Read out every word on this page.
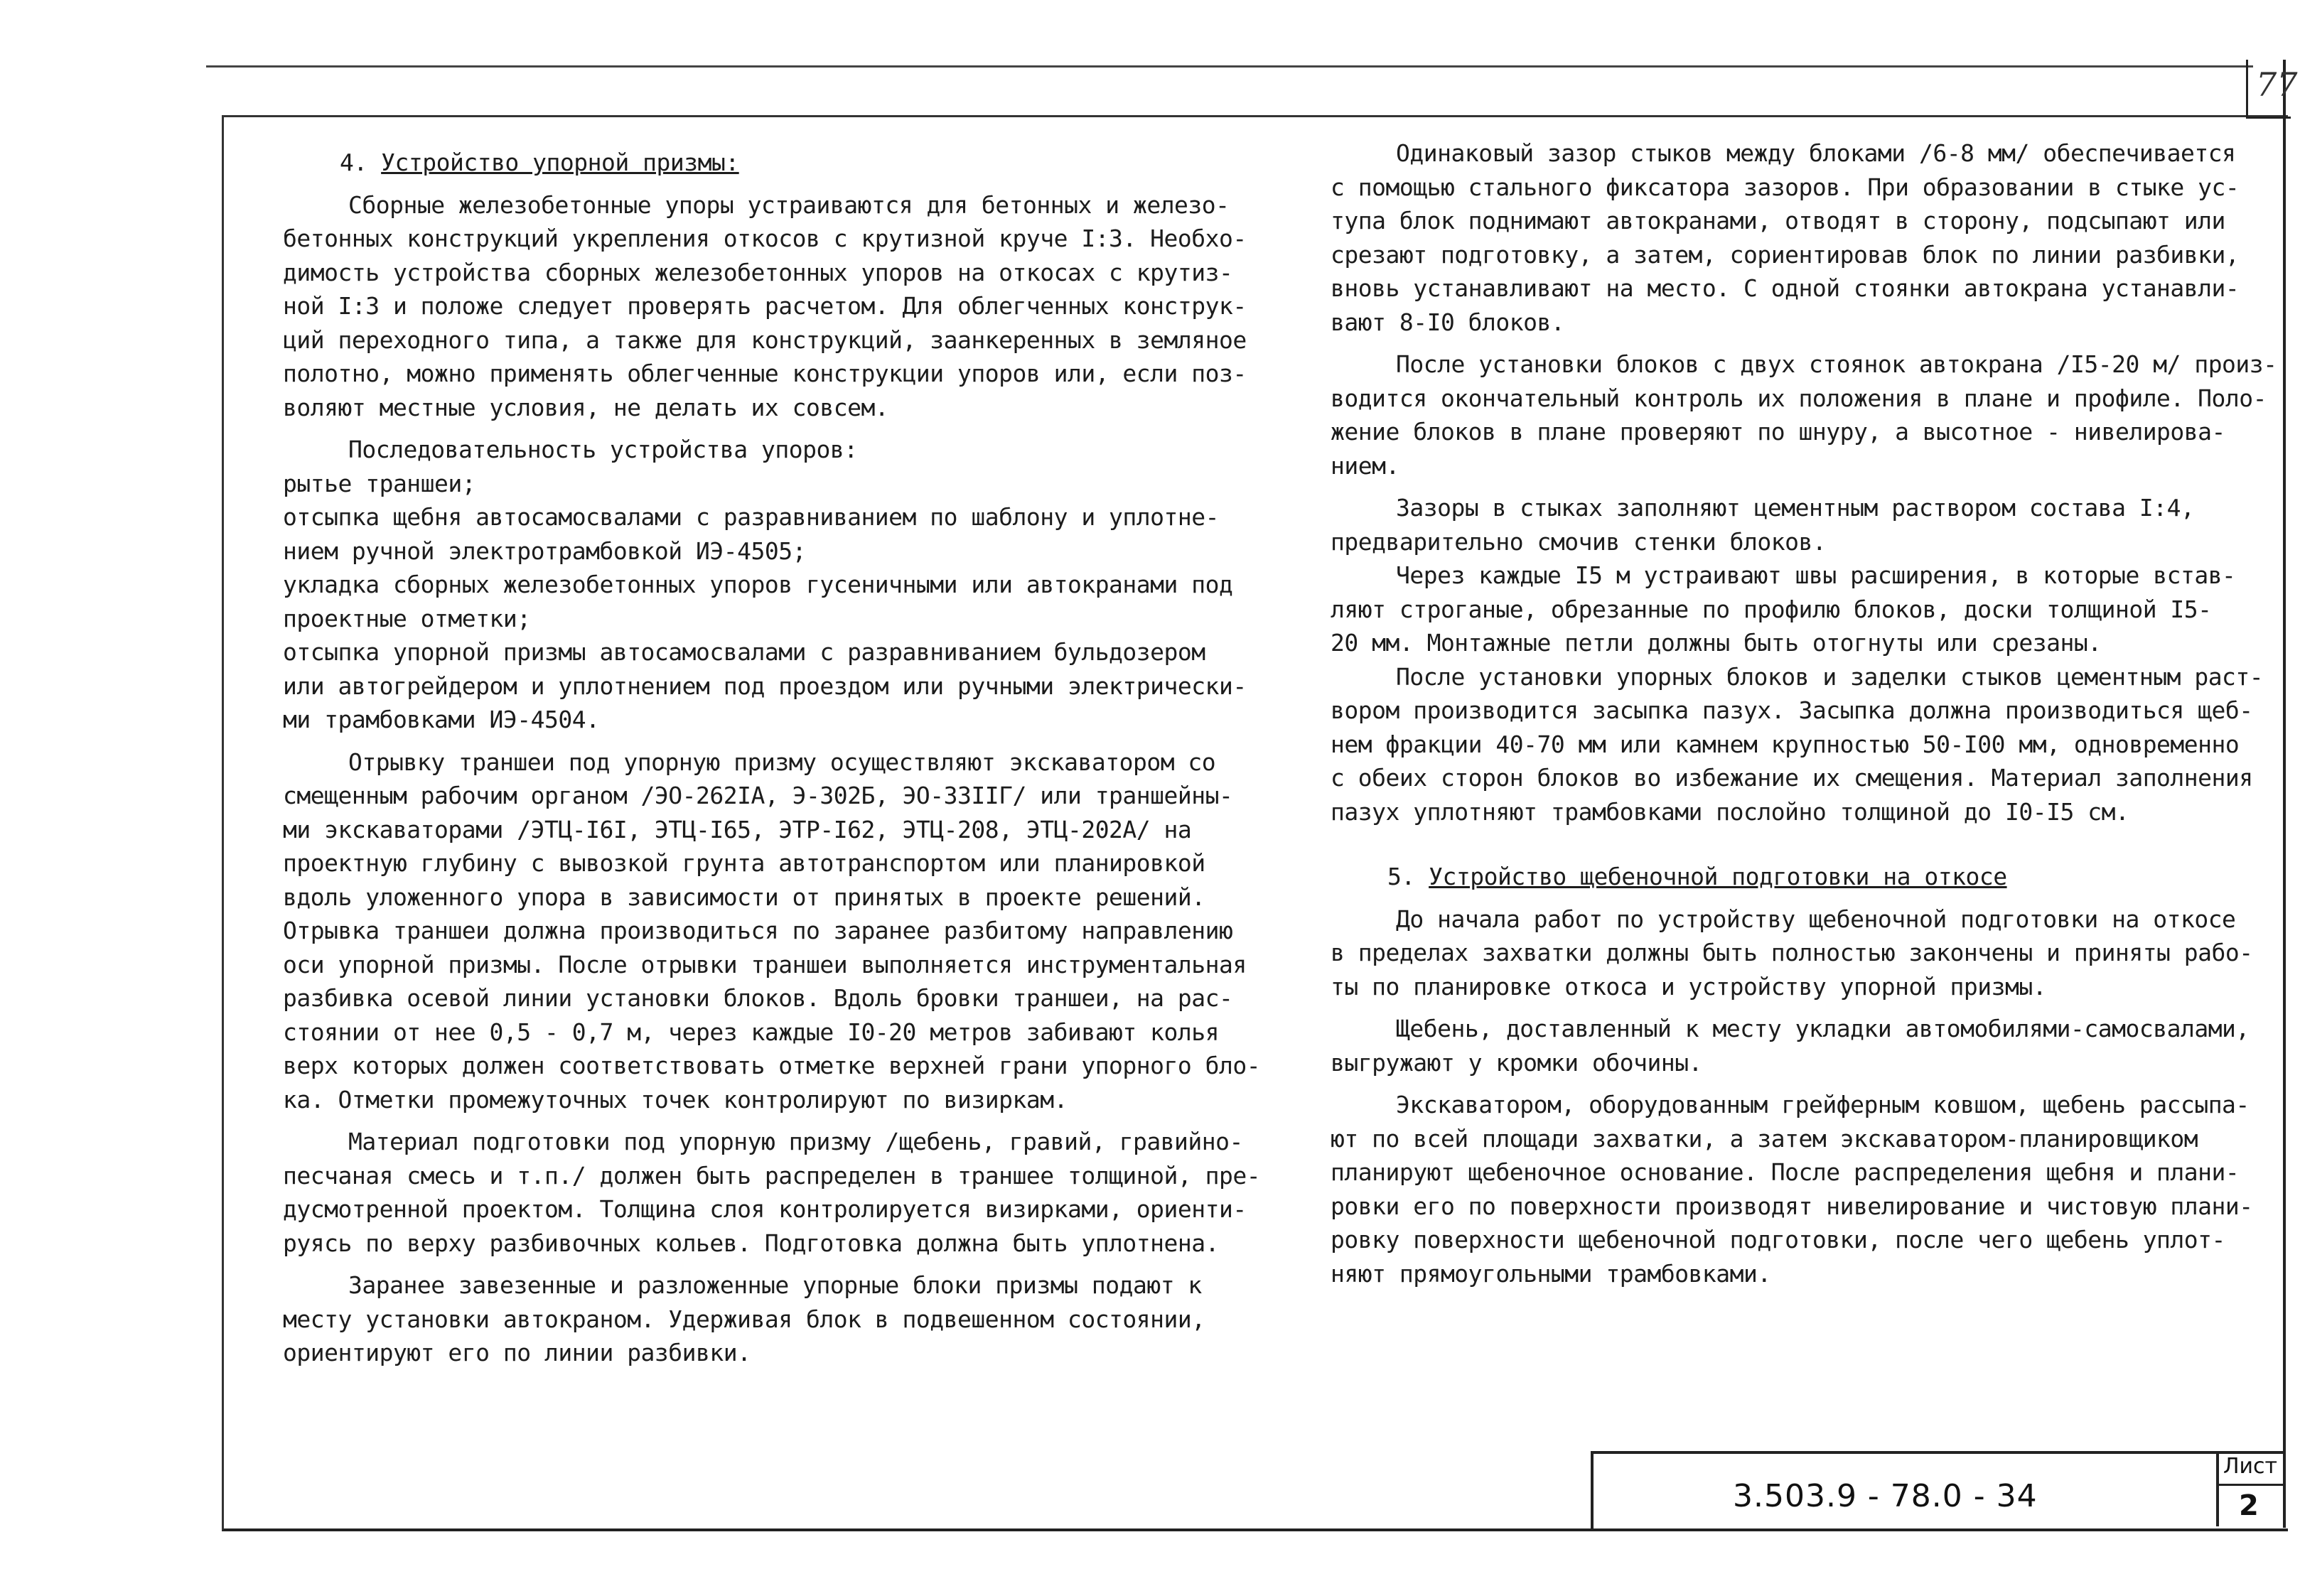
77

4. Устройство упорной призмы:

Сборные железобетонные упоры устраиваются для бетонных и железо-

бетонных конструкций укрепления откосов с крутизной круче I:3. Необхо-

димость устройства сборных железобетонных упоров на откосах с крутиз-

ной I:3 и положе следует проверять расчетом. Для облегченных конструк-

ций переходного типа, а также для конструкций, заанкеренных в земляное

полотно, можно применять облегченные конструкции упоров или, если поз-

воляют местные условия, не делать их совсем.

Последовательность устройства упоров:

рытье траншеи;

отсыпка щебня автосамосвалами с разравниванием по шаблону и уплотне-

нием ручной электротрамбовкой ИЭ-4505;

укладка сборных железобетонных упоров гусеничными или автокранами под

проектные отметки;

отсыпка упорной призмы автосамосвалами с разравниванием бульдозером

или автогрейдером и уплотнением под проездом или ручными электрически-

ми трамбовками ИЭ-4504.

Отрывку траншеи под упорную призму осуществляют экскаватором со

смещенным рабочим органом /ЭО-262IА, Э-302Б, ЭО-33IIГ/ или траншейны-

ми экскаваторами /ЭТЦ-I6I, ЭТЦ-I65, ЭТР-I62, ЭТЦ-208, ЭТЦ-202А/ на

проектную глубину с вывозкой грунта автотранспортом или планировкой

вдоль уложенного упора в зависимости от принятых в проекте решений.

Отрывка траншеи должна производиться по заранее разбитому направлению

оси упорной призмы. После отрывки траншеи выполняется инструментальная

разбивка осевой линии установки блоков. Вдоль бровки траншеи, на рас-

стоянии от нее 0,5 - 0,7 м, через каждые I0-20 метров забивают колья

верх которых должен соответствовать отметке верхней грани упорного бло-

ка. Отметки промежуточных точек контролируют по визиркам.

Материал подготовки под упорную призму /щебень, гравий, гравийно-

песчаная смесь и т.п./ должен быть распределен в траншее толщиной, пре-

дусмотренной проектом. Толщина слоя контролируется визирками, ориенти-

руясь по верху разбивочных кольев. Подготовка должна быть уплотнена.

Заранее завезенные и разложенные упорные блоки призмы подают к

месту установки автокраном. Удерживая блок в подвешенном состоянии,

ориентируют его по линии разбивки.

Одинаковый зазор стыков между блоками /6-8 мм/ обеспечивается

с помощью стального фиксатора зазоров. При образовании в стыке ус-

тупа блок поднимают автокранами, отводят в сторону, подсыпают или

срезают подготовку, а затем, сориентировав блок по линии разбивки,

вновь устанавливают на место. С одной стоянки автокрана устанавли-

вают 8-I0 блоков.

После установки блоков с двух стоянок автокрана /I5-20 м/ произ-

водится окончательный контроль их положения в плане и профиле. Поло-

жение блоков в плане проверяют по шнуру, а высотное - нивелирова-

нием.

Зазоры в стыках заполняют цементным раствором состава I:4,

предварительно смочив стенки блоков.

Через каждые I5 м устраивают швы расширения, в которые встав-

ляют строганые, обрезанные по профилю блоков, доски толщиной I5-

20 мм. Монтажные петли должны быть отогнуты или срезаны.

После установки упорных блоков и заделки стыков цементным раст-

вором производится засыпка пазух. Засыпка должна производиться щеб-

нем фракции 40-70 мм или камнем крупностью 50-I00 мм, одновременно

с обеих сторон блоков во избежание их смещения. Материал заполнения

пазух уплотняют трамбовками послойно толщиной до I0-I5 см.

5. Устройство щебеночной подготовки на откосе

До начала работ по устройству щебеночной подготовки на откосе

в пределах захватки должны быть полностью закончены и приняты рабо-

ты по планировке откоса и устройству упорной призмы.

Щебень, доставленный к месту укладки автомобилями-самосвалами,

выгружают у кромки обочины.

Экскаватором, оборудованным грейферным ковшом, щебень рассыпа-

ют по всей площади захватки, а затем экскаватором-планировщиком

планируют щебеночное основание. После распределения щебня и плани-

ровки его по поверхности производят нивелирование и чистовую плани-

ровку поверхности щебеночной подготовки, после чего щебень уплот-

няют прямоугольными трамбовками.

3.503.9 - 78.0 - 34
Лист
2
